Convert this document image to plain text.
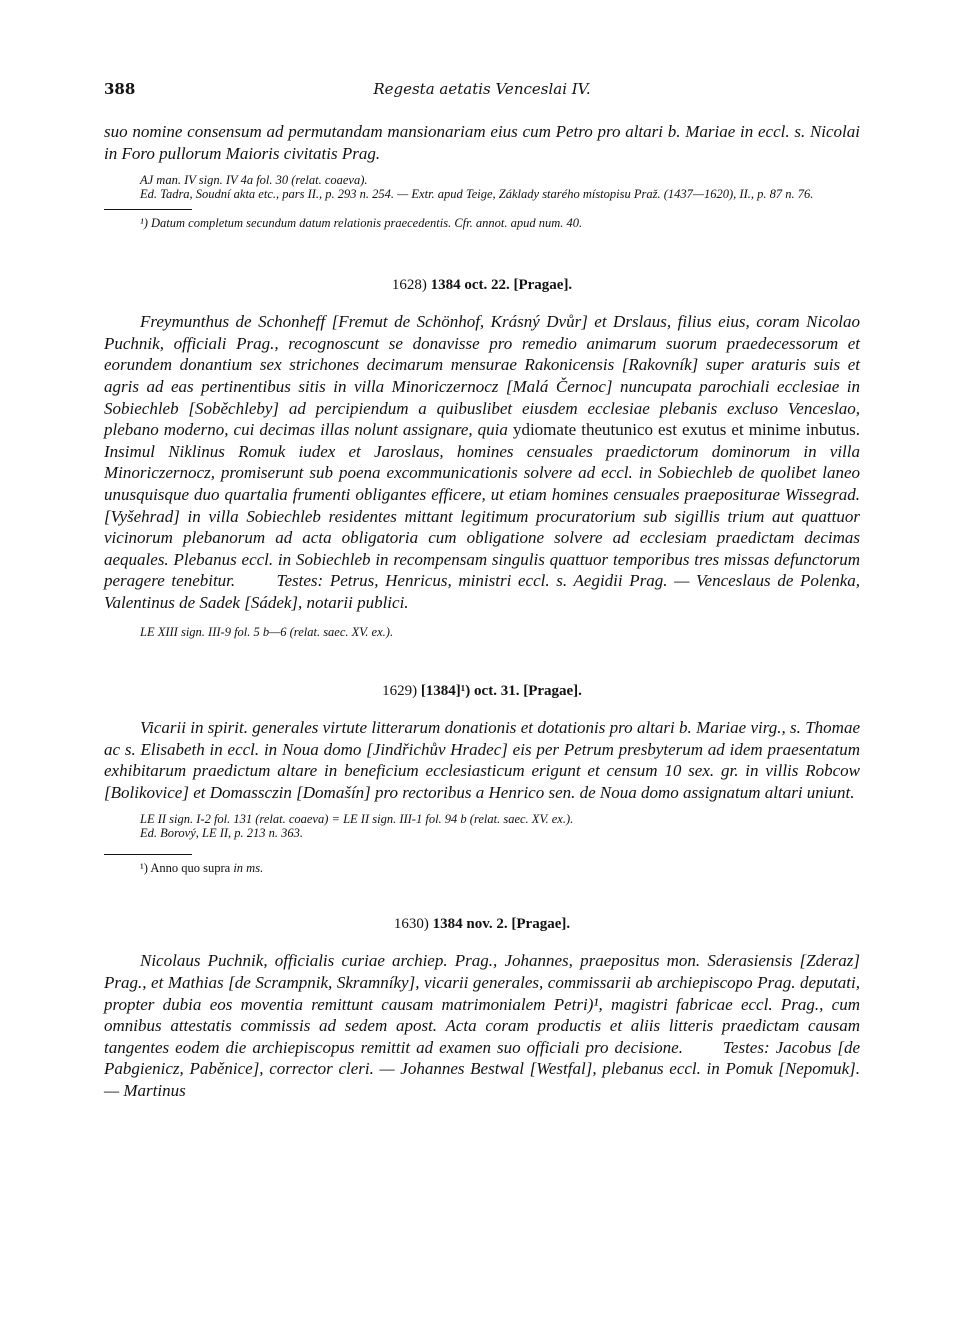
388	Regesta aetatis Venceslai IV.

suo nomine consensum ad permutandam mansionariam eius cum Petro pro altari b. Mariae in eccl. s. Nicolai in Foro pullorum Maioris civitatis Prag.

AJ man. IV sign. IV 4a fol. 30 (relat. coaeva).

Ed. Tadra, Soudní akta etc., pars II., p. 293 n. 254. — Extr. apud Teige, Základy starého místopisu Praž. (1437—1620), II., p. 87 n. 76.

¹) Datum completum secundum datum relationis praecedentis. Cfr. annot. apud num. 40.

1628) 1384 oct. 22. [Pragae].

Freymunthus de Schonheff [Fremut de Schönhof, Krásný Dvůr] et Drslaus, filius eius, coram Nicolao Puchnik, officiali Prag., recognoscunt se donavisse pro remedio animarum suorum praedecessorum et eorundem donantium sex strichones decimarum mensurae Rakonicensis [Rakovník] super araturis suis et agris ad eas pertinentibus sitis in villa Minoriczernocz [Malá Černoc] nuncupata parochiali ecclesiae in Sobiechleb [Soběchleby] ad percipiendum a quibuslibet eiusdem ecclesiae plebanis excluso Venceslao, plebano moderno, cui decimas illas nolunt assignare, quia ydiomate theutunico est exutus et minime inbutus. Insimul Niklinus Romuk iudex et Jaroslaus, homines censuales praedictorum dominorum in villa Minoriczernocz, promiserunt sub poena excommunicationis solvere ad eccl. in Sobiechleb de quolibet laneo unusquisque duo quartalia frumenti obligantes efficere, ut etiam homines censuales praepositurae Wissegrad. [Vyšehrad] in villa Sobiechleb residentes mittant legitimum procuratorium sub sigillis trium aut quattuor vicinorum plebanorum ad acta obligatoria cum obligatione solvere ad ecclesiam praedictam decimas aequales. Plebanus eccl. in Sobiechleb in recompensam singulis quattuor temporibus tres missas defunctorum peragere tenebitur. Testes: Petrus, Henricus, ministri eccl. s. Aegidii Prag. — Venceslaus de Polenka, Valentinus de Sadek [Sádek], notarii publici.

LE XIII sign. III-9 fol. 5 b—6 (relat. saec. XV. ex.).

1629) [1384]¹) oct. 31. [Pragae].

Vicarii in spirit. generales virtute litterarum donationis et dotationis pro altari b. Mariae virg., s. Thomae ac s. Elisabeth in eccl. in Noua domo [Jindřichův Hradec] eis per Petrum presbyterum ad idem praesentatum exhibitarum praedictum altare in beneficium ecclesiasticum erigunt et censum 10 sex. gr. in villis Robcow [Bolikovice] et Domassczin [Domašín] pro rectoribus a Henrico sen. de Noua domo assignatum altari uniunt.

LE II sign. I-2 fol. 131 (relat. coaeva) = LE II sign. III-1 fol. 94 b (relat. saec. XV. ex.).

Ed. Borový, LE II, p. 213 n. 363.

¹) Anno quo supra in ms.

1630) 1384 nov. 2. [Pragae].

Nicolaus Puchnik, officialis curiae archiep. Prag., Johannes, praepositus mon. Sderasiensis [Zderaz] Prag., et Mathias [de Scrampnik, Skramníky], vicarii generales, commissarii ab archiepiscopo Prag. deputati, propter dubia eos moventia remittunt causam matrimonialem Petri)¹, magistri fabricae eccl. Prag., cum omnibus attestatis commissis ad sedem apost. Acta coram productis et aliis litteris praedictam causam tangentes eodem die archiepiscopus remittit ad examen suo officiali pro decisione. Testes: Jacobus [de Pabgienicz, Paběnice], corrector cleri. — Johannes Bestwal [Westfal], plebanus eccl. in Pomuk [Nepomuk]. — Martinus
